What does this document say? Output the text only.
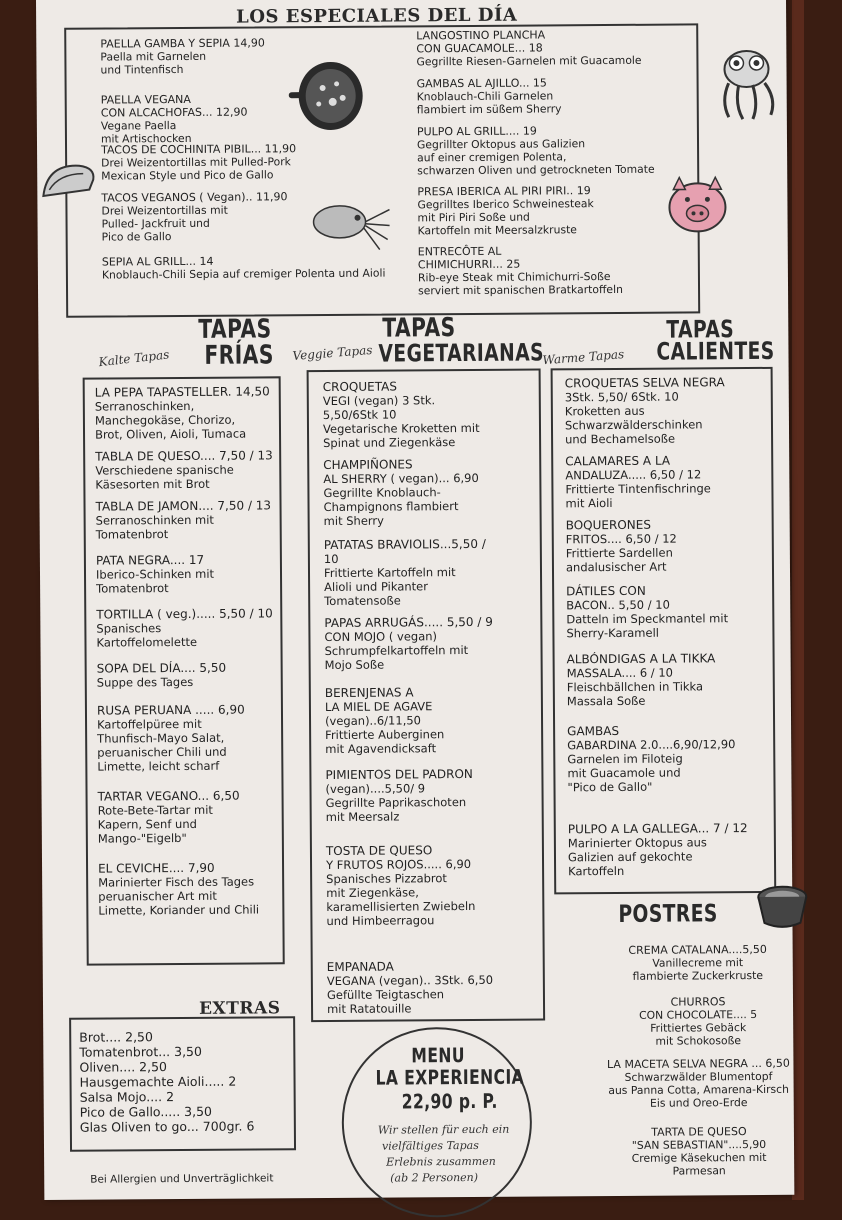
LOS ESPECIALES DEL DÍA
PAELLA GAMBA Y SEPIA 14,90
Paella mit Garnelen
und Tintenfisch
PAELLA VEGANA
CON ALCACHOFAS... 12,90
Vegane Paella
mit Artischocken
TACOS DE COCHINITA PIBIL... 11,90
Drei Weizentortillas mit Pulled-Pork
Mexican Style und Pico de Gallo
TACOS VEGANOS ( Vegan).. 11,90
Drei Weizentortillas mit
Pulled- Jackfruit und
Pico de Gallo
SEPIA AL GRILL... 14
Knoblauch-Chili Sepia auf cremiger Polenta und Aioli
LANGOSTINO PLANCHA
CON GUACAMOLE... 18
Gegrillte Riesen-Garnelen mit Guacamole
GAMBAS AL AJILLO... 15
Knoblauch-Chili Garnelen
flambiert im süßem Sherry
PULPO AL GRILL.... 19
Gegrillter Oktopus aus Galizien
auf einer cremigen Polenta,
schwarzen Oliven und getrockneten Tomate
PRESA IBERICA AL PIRI PIRI.. 19
Gegrilltes Iberico Schweinesteak
mit Piri Piri Soße und
Kartoffeln mit Meersalzkruste
ENTRECÔTE AL
CHIMICHURRI... 25
Rib-eye Steak mit Chimichurri-Soße
serviert mit spanischen Bratkartoffeln
Kalte Tapas
TAPAS
FRÍAS
TAPAS
Veggie Tapas VEGETARIANAS
Warme Tapas
TAPAS
CALIENTES
LA PEPA TAPASTELLER. 14,50
Serranoschinken,
Manchegokäse, Chorizo,
Brot, Oliven, Aioli, Tumaca
TABLA DE QUESO.... 7,50 / 13
Verschiedene spanische
Käsesorten mit Brot
TABLA DE JAMON.... 7,50 / 13
Serranoschinken mit
Tomatenbrot
PATA NEGRA.... 17
Iberico-Schinken mit
Tomatenbrot
TORTILLA ( veg.)..... 5,50 / 10
Spanisches
Kartoffelomelette
SOPA DEL DÍA.... 5,50
Suppe des Tages
RUSA PERUANA ..... 6,90
Kartoffelpüree mit
Thunfisch-Mayo Salat,
peruanischer Chili und
Limette, leicht scharf
TARTAR VEGANO... 6,50
Rote-Bete-Tartar mit
Kapern, Senf und
Mango-"Eigelb"
EL CEVICHE.... 7,90
Marinierter Fisch des Tages
peruanischer Art mit
Limette, Koriander und Chili
CROQUETAS
VEGI (vegan) 3 Stk.
5,50/6Stk 10
Vegetarische Kroketten mit
Spinat und Ziegenkäse
CHAMPIÑONES
AL SHERRY ( vegan)... 6,90
Gegrillte Knoblauch-
Champignons flambiert
mit Sherry
PATATAS BRAVIOLIS...5,50 /
10
Frittierte Kartoffeln mit
Alioli und Pikanter
Tomatensoße
PAPAS ARRUGÁS..... 5,50 / 9
CON MOJO ( vegan)
Schrumpfelkartoffeln mit
Mojo Soße
BERENJENAS A
LA MIEL DE AGAVE
(vegan)..6/11,50
Frittierte Auberginen
mit Agavendicksaft
PIMIENTOS DEL PADRON
(vegan)....5,50/ 9
Gegrillte Paprikaschoten
mit Meersalz
TOSTA DE QUESO
Y FRUTOS ROJOS..... 6,90
Spanisches Pizzabrot
mit Ziegenkäse,
karamellisierten Zwiebeln
und Himbeerragou
EMPANADA
VEGANA (vegan).. 3Stk. 6,50
Gefüllte Teigtaschen
mit Ratatouille
CROQUETAS SELVA NEGRA
3Stk. 5,50/ 6Stk. 10
Kroketten aus
Schwarzwälderschinken
und Bechamelsoße
CALAMARES A LA
ANDALUZA..... 6,50 / 12
Frittierte Tintenfischringe
mit Aioli
BOQUERONES
FRITOS.... 6,50 / 12
Frittierte Sardellen
andalusischer Art
DÁTILES CON
BACON.. 5,50 / 10
Datteln im Speckmantel mit
Sherry-Karamell
ALBÓNDIGAS A LA TIKKA
MASSALA.... 6 / 10
Fleischbällchen in Tikka
Massala Soße
GAMBAS
GABARDINA 2.0....6,90/12,90
Garnelen im Filoteig
mit Guacamole und
"Pico de Gallo"
PULPO A LA GALLEGA... 7 / 12
Marinierter Oktopus aus
Galizien auf gekochte
Kartoffeln
POSTRES
CREMA CATALANA....5,50
Vanillecreme mit
flambierte Zuckerkruste
CHURROS
CON CHOCOLATE.... 5
Frittiertes Gebäck
mit Schokosoße
LA MACETA SELVA NEGRA ... 6,50
Schwarzwälder Blumentopf
aus Panna Cotta, Amarena-Kirsch
Eis und Oreo-Erde
TARTA DE QUESO
"SAN SEBASTIAN"....5,90
Cremige Käsekuchen mit Parmesan
EXTRAS
Brot.... 2,50
Tomatenbrot... 3,50
Oliven.... 2,50
Hausgemachte Aioli..... 2
Salsa Mojo.... 2
Pico de Gallo..... 3,50
Glas Oliven to go... 700gr. 6
MENU
LA EXPERIENCIA
22,90 p. P.
Wir stellen für euch ein
vielfältiges Tapas
Erlebnis zusammen
(ab 2 Personen)
Bei Allergien und Unverträglichkeit
